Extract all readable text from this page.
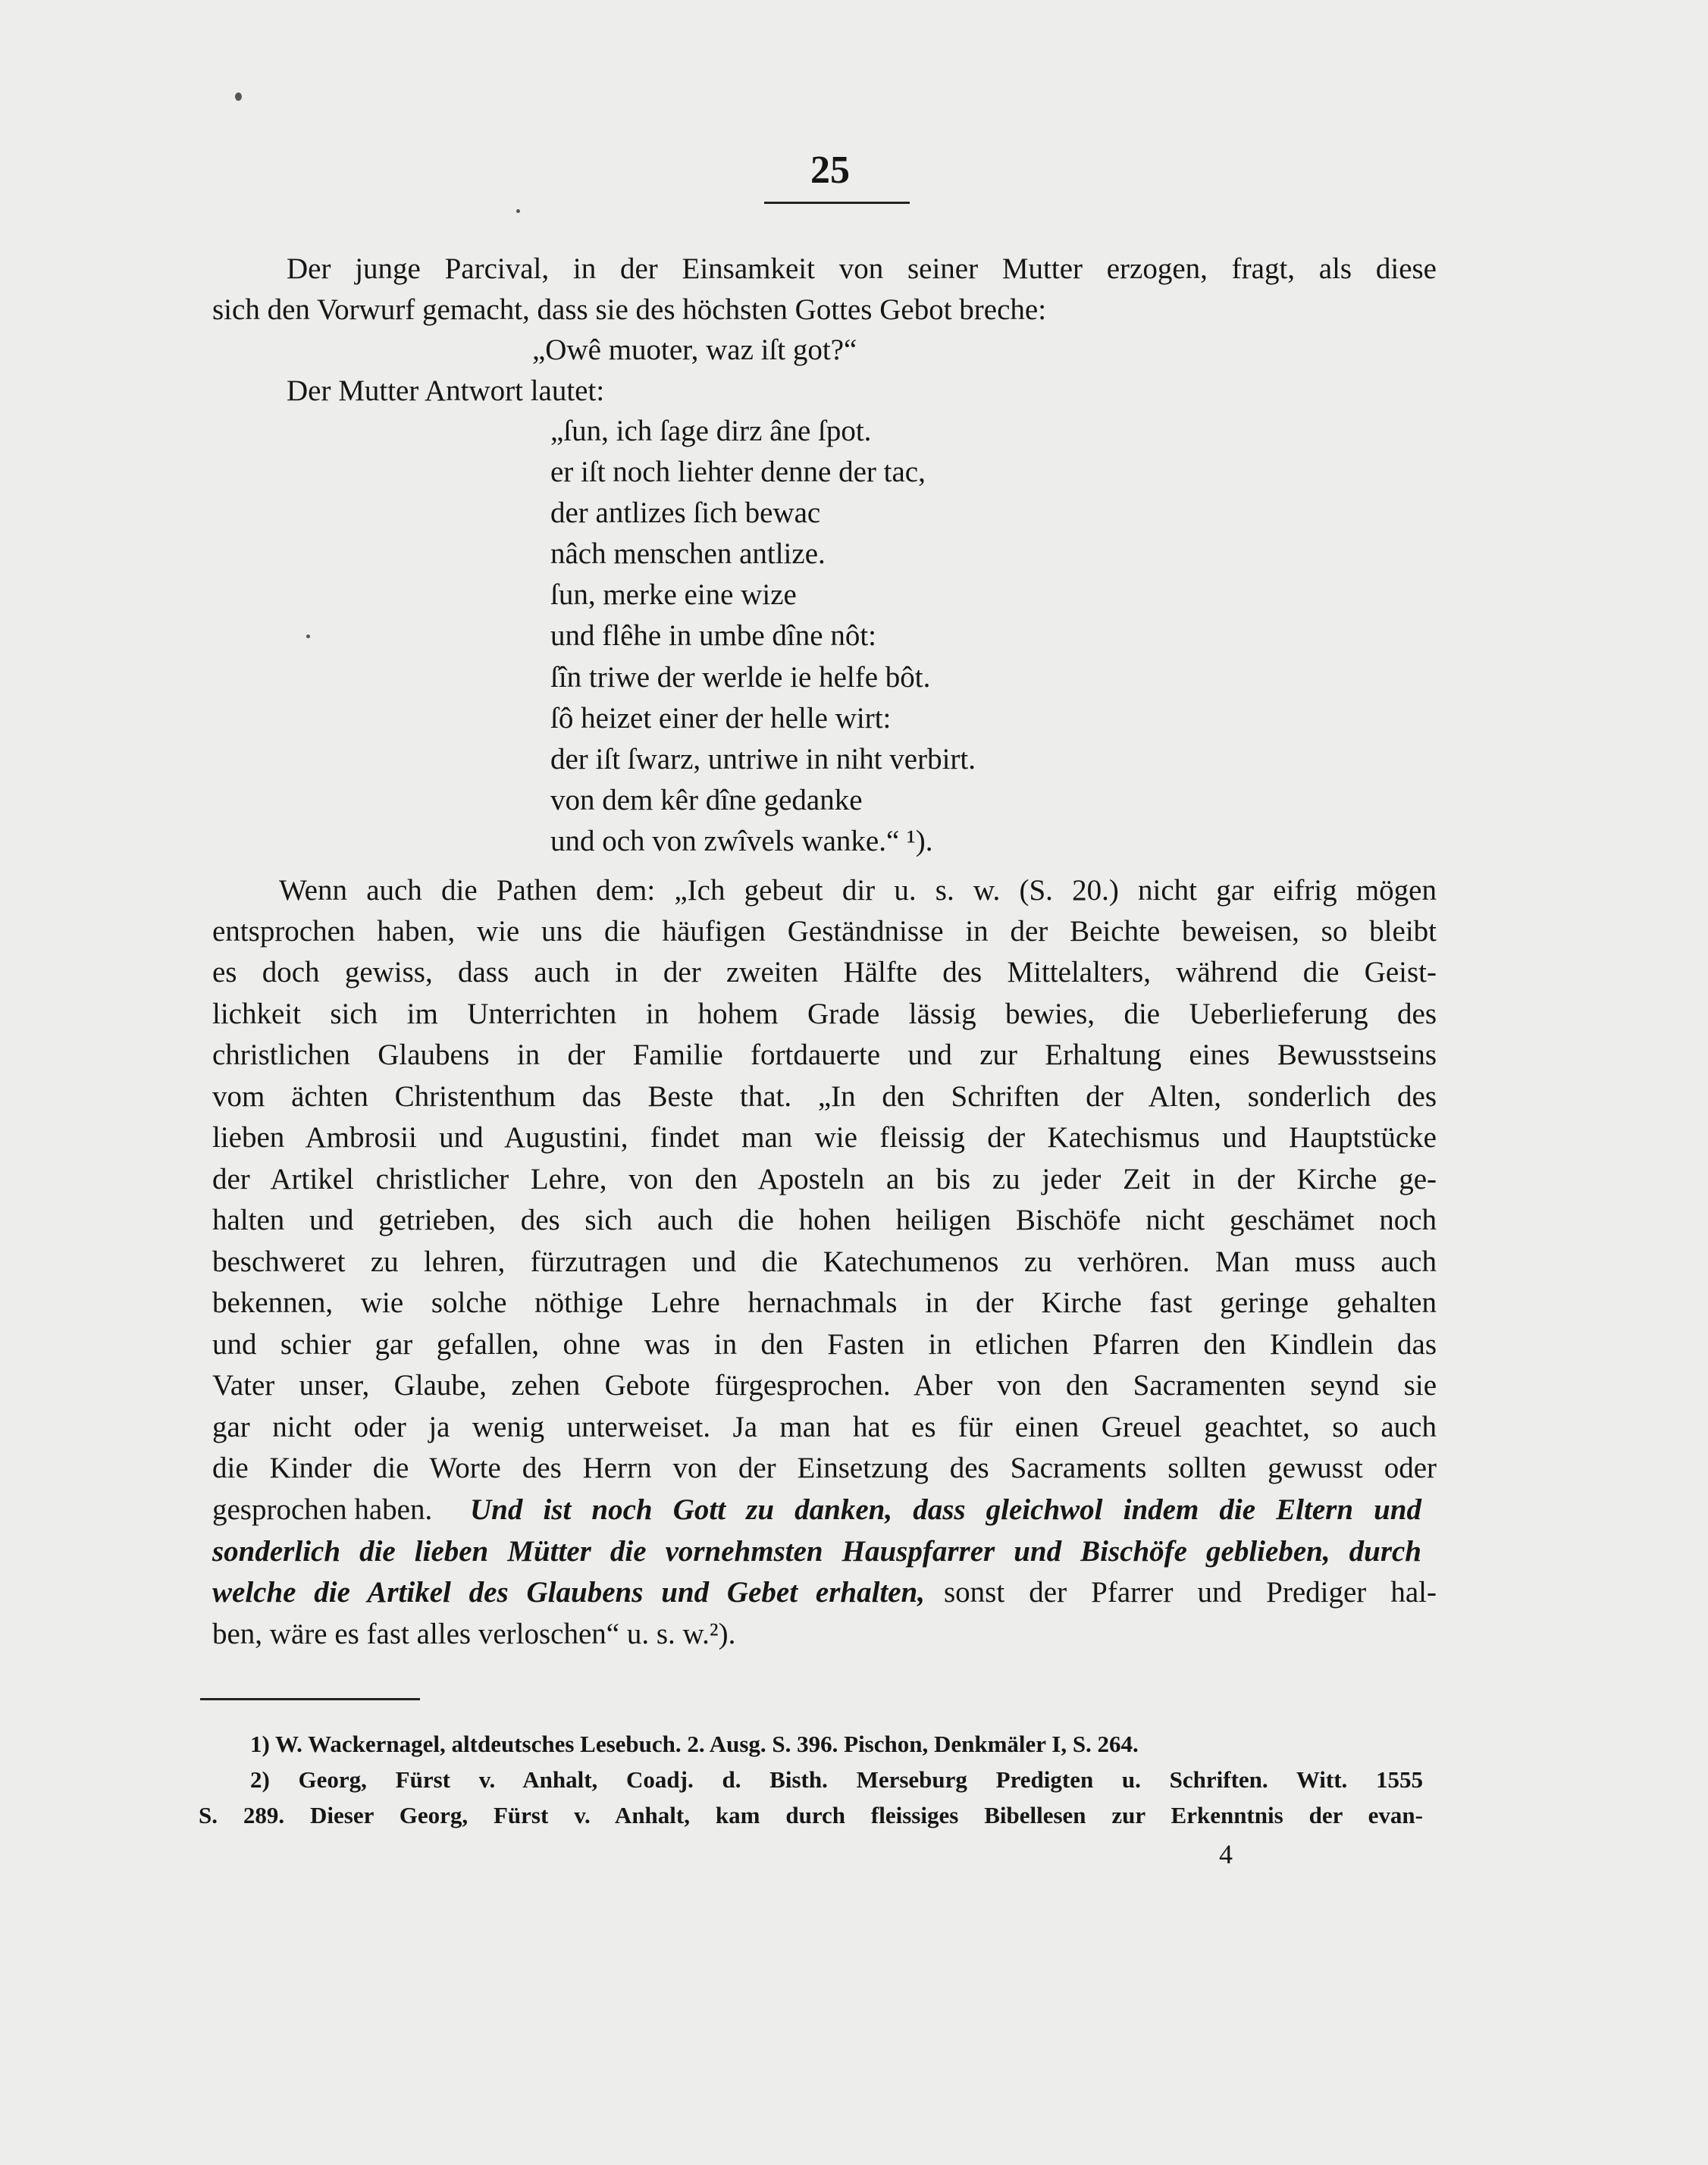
25
Der junge Parcival, in der Einsamkeit von seiner Mutter erzogen, fragt, als diese
sich den Vorwurf gemacht, dass sie des höchsten Gottes Gebot breche:
„Owê muoter, waz iſt got?“
Der Mutter Antwort lautet:
„ſun, ich ſage dirz âne ſpot.
er iſt noch liehter denne der tac,
der antlizes ſich bewac
nâch menschen antlize.
ſun, merke eine wize
und flêhe in umbe dîne nôt:
ſîn triwe der werlde ie helfe bôt.
ſô heizet einer der helle wirt:
der iſt ſwarz, untriwe in niht verbirt.
von dem kêr dîne gedanke
und och von zwîvels wanke.“ ¹).
Wenn auch die Pathen dem: „Ich gebeut dir u. s. w. (S. 20.) nicht gar eifrig mögen
entsprochen haben, wie uns die häufigen Geständnisse in der Beichte beweisen, so bleibt
es doch gewiss, dass auch in der zweiten Hälfte des Mittelalters, während die Geist-
lichkeit sich im Unterrichten in hohem Grade lässig bewies, die Ueberlieferung des
christlichen Glaubens in der Familie fortdauerte und zur Erhaltung eines Bewusstseins
vom ächten Christenthum das Beste that. „In den Schriften der Alten, sonderlich des
lieben Ambrosii und Augustini, findet man wie fleissig der Katechismus und Hauptstücke
der Artikel christlicher Lehre, von den Aposteln an bis zu jeder Zeit in der Kirche ge-
halten und getrieben, des sich auch die hohen heiligen Bischöfe nicht geschämet noch
beschweret zu lehren, fürzutragen und die Katechumenos zu verhören. Man muss auch
bekennen, wie solche nöthige Lehre hernachmals in der Kirche fast geringe gehalten
und schier gar gefallen, ohne was in den Fasten in etlichen Pfarren den Kindlein das
Vater unser, Glaube, zehen Gebote fürgesprochen. Aber von den Sacramenten seynd sie
gar nicht oder ja wenig unterweiset. Ja man hat es für einen Greuel geachtet, so auch
die Kinder die Worte des Herrn von der Einsetzung des Sacraments sollten gewusst oder
gesprochen haben. Und ist noch Gott zu danken, dass gleichwol indem die Eltern und
sonderlich die lieben Mütter die vornehmsten Hauspfarrer und Bischöfe geblieben, durch
welche die Artikel des Glaubens und Gebet erhalten, sonst der Pfarrer und Prediger hal-
ben, wäre es fast alles verloschen“ u. s. w.²).
1) W. Wackernagel, altdeutsches Lesebuch. 2. Ausg. S. 396. Pischon, Denkmäler I, S. 264.
2) Georg, Fürst v. Anhalt, Coadj. d. Bisth. Merseburg Predigten u. Schriften. Witt. 1555
S. 289. Dieser Georg, Fürst v. Anhalt, kam durch fleissiges Bibellesen zur Erkenntnis der evan-
4
